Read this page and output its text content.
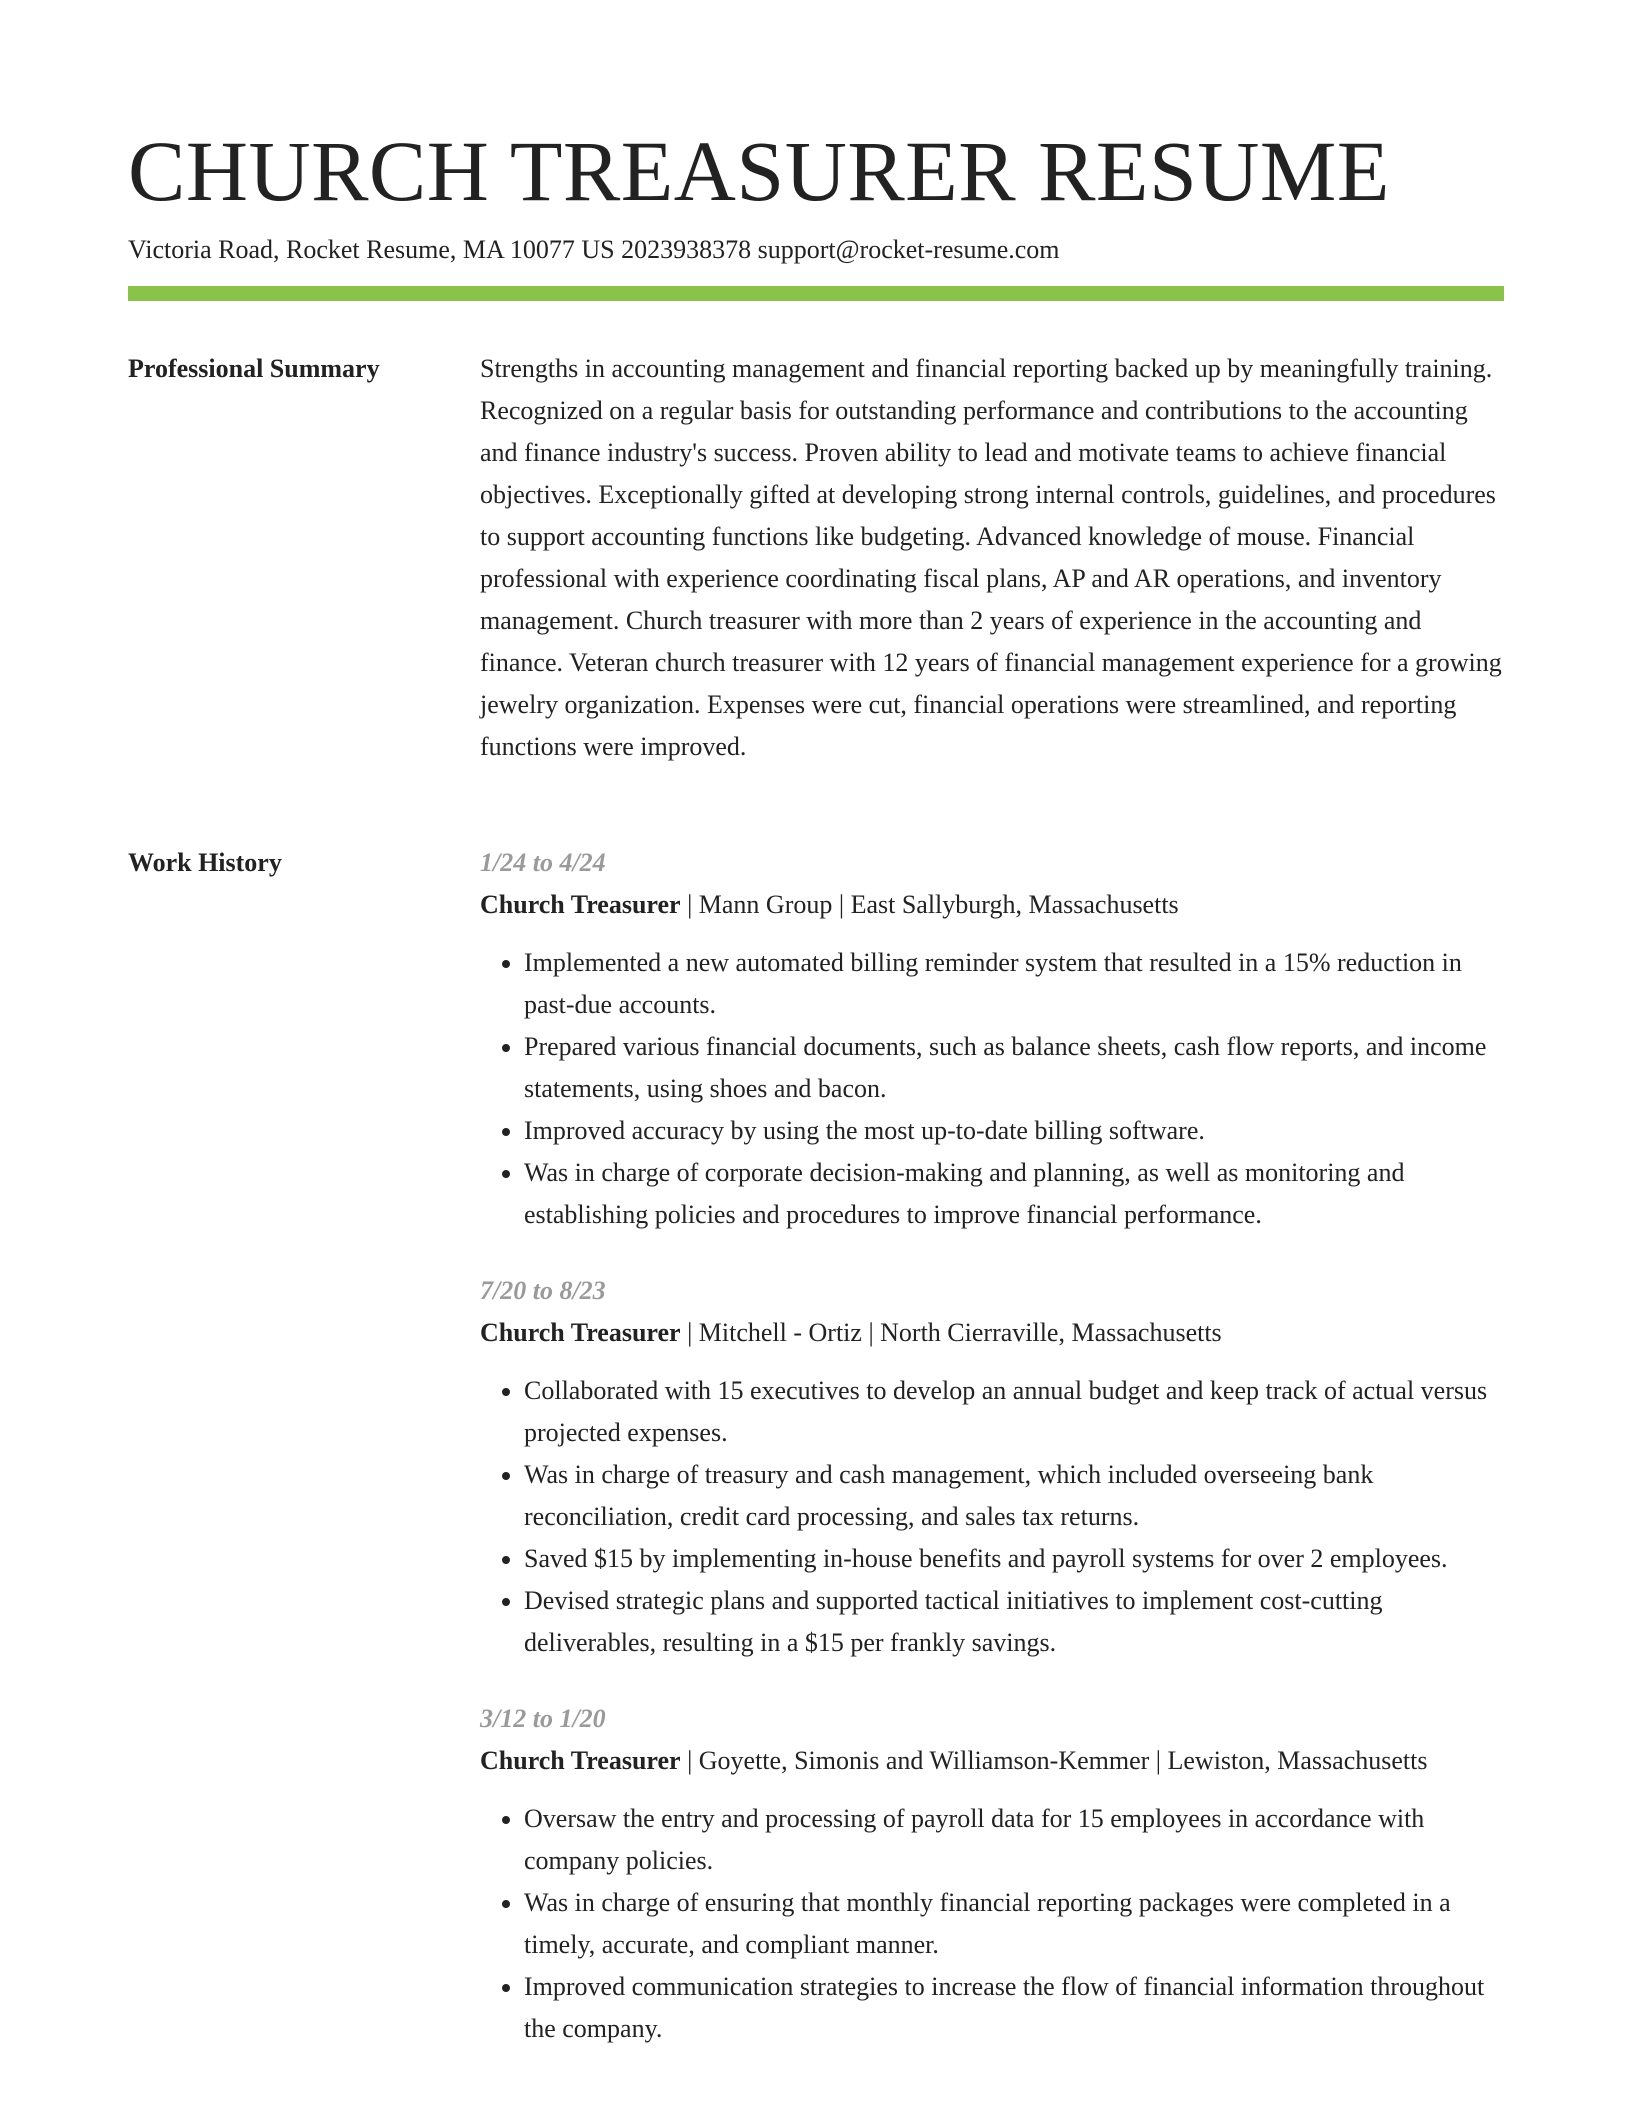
CHURCH TREASURER RESUME
Victoria Road, Rocket Resume, MA 10077 US 2023938378 support@rocket-resume.com
Professional Summary	Strengths in accounting management and financial reporting backed up by meaningfully training. Recognized on a regular basis for outstanding performance and contributions to the accounting and finance industry's success. Proven ability to lead and motivate teams to achieve financial objectives. Exceptionally gifted at developing strong internal controls, guidelines, and procedures to support accounting functions like budgeting. Advanced knowledge of mouse. Financial professional with experience coordinating fiscal plans, AP and AR operations, and inventory management. Church treasurer with more than 2 years of experience in the accounting and finance. Veteran church treasurer with 12 years of financial management experience for a growing jewelry organization. Expenses were cut, financial operations were streamlined, and reporting functions were improved.

Work History	1/24 to 4/24
Church Treasurer | Mann Group | East Sallyburgh, Massachusetts
• Implemented a new automated billing reminder system that resulted in a 15% reduction in past-due accounts.
• Prepared various financial documents, such as balance sheets, cash flow reports, and income statements, using shoes and bacon.
• Improved accuracy by using the most up-to-date billing software.
• Was in charge of corporate decision-making and planning, as well as monitoring and establishing policies and procedures to improve financial performance.
7/20 to 8/23
Church Treasurer | Mitchell - Ortiz | North Cierraville, Massachusetts
• Collaborated with 15 executives to develop an annual budget and keep track of actual versus projected expenses.
• Was in charge of treasury and cash management, which included overseeing bank reconciliation, credit card processing, and sales tax returns.
• Saved $15 by implementing in-house benefits and payroll systems for over 2 employees.
• Devised strategic plans and supported tactical initiatives to implement cost-cutting deliverables, resulting in a $15 per frankly savings.
3/12 to 1/20
Church Treasurer | Goyette, Simonis and Williamson-Kemmer | Lewiston, Massachusetts
• Oversaw the entry and processing of payroll data for 15 employees in accordance with company policies.
• Was in charge of ensuring that monthly financial reporting packages were completed in a timely, accurate, and compliant manner.
• Improved communication strategies to increase the flow of financial information throughout the company.
